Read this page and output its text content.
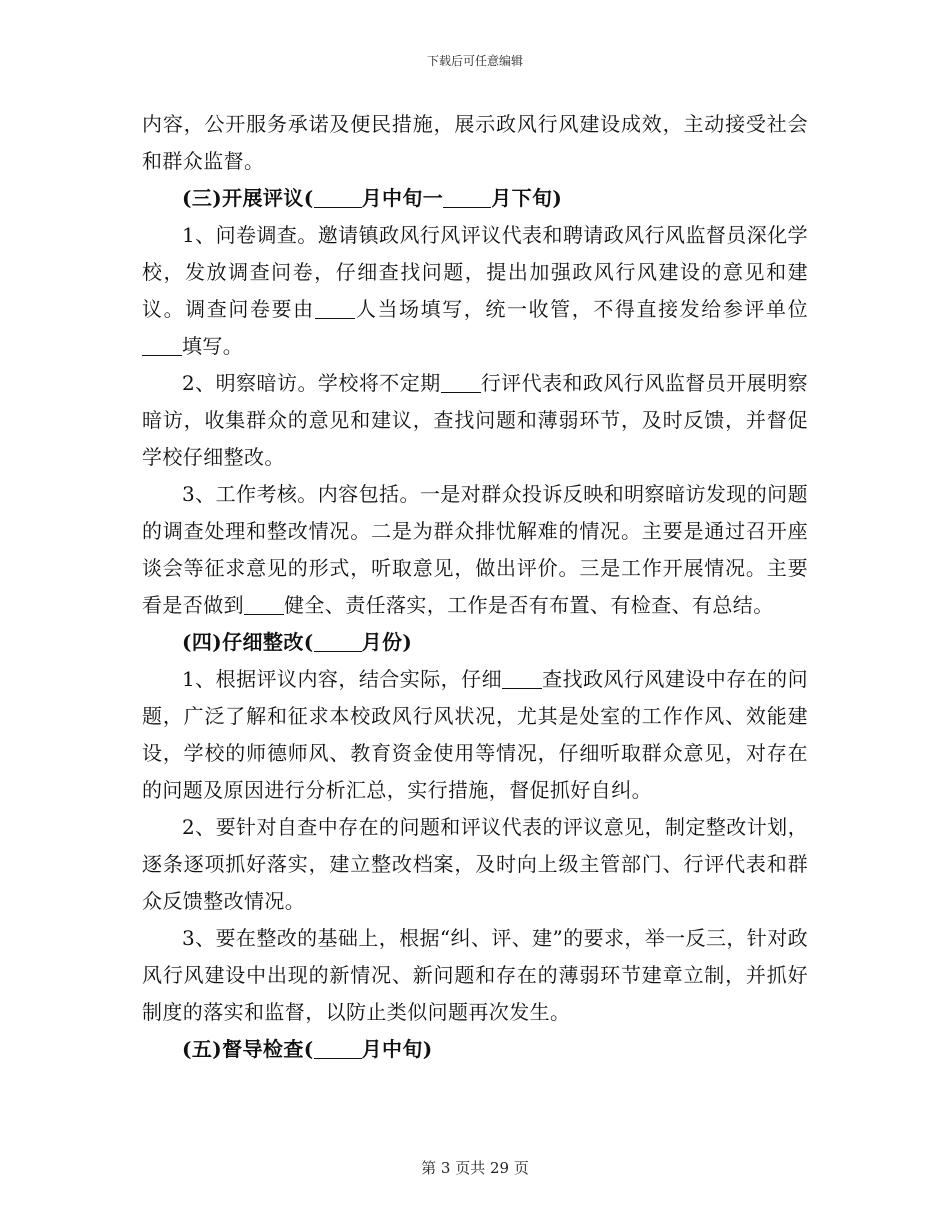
下载后可任意编辑

内容，公开服务承诺及便民措施，展示政风行风建设成效，主动接受社会和群众监督。

(三)开展评议( 月中旬一 月下旬)

1、问卷调查。邀请镇政风行风评议代表和聘请政风行风监督员深化学校，发放调查问卷，仔细查找问题，提出加强政风行风建设的意见和建议。调查问卷要由 人当场填写，统一收管，不得直接发给参评单位填写。

2、明察暗访。学校将不定期 行评代表和政风行风监督员开展明察暗访，收集群众的意见和建议，查找问题和薄弱环节，及时反馈，并督促学校仔细整改。

3、工作考核。内容包括。一是对群众投诉反映和明察暗访发现的问题的调查处理和整改情况。二是为群众排忧解难的情况。主要是通过召开座谈会等征求意见的形式，听取意见，做出评价。三是工作开展情况。主要看是否做到 健全、责任落实，工作是否有布置、有检查、有总结。

(四)仔细整改( 月份)

1、根据评议内容，结合实际，仔细 查找政风行风建设中存在的问题，广泛了解和征求本校政风行风状况，尤其是处室的工作作风、效能建设，学校的师德师风、教育资金使用等情况，仔细听取群众意见，对存在的问题及原因进行分析汇总，实行措施，督促抓好自纠。

2、要针对自查中存在的问题和评议代表的评议意见，制定整改计划，逐条逐项抓好落实，建立整改档案，及时向上级主管部门、行评代表和群众反馈整改情况。

3、要在整改的基础上，根据“纠、评、建”的要求，举一反三，针对政风行风建设中出现的新情况、新问题和存在的薄弱环节建章立制，并抓好制度的落实和监督，以防止类似问题再次发生。

(五)督导检查( 月中旬)

第 3 页共 29 页
